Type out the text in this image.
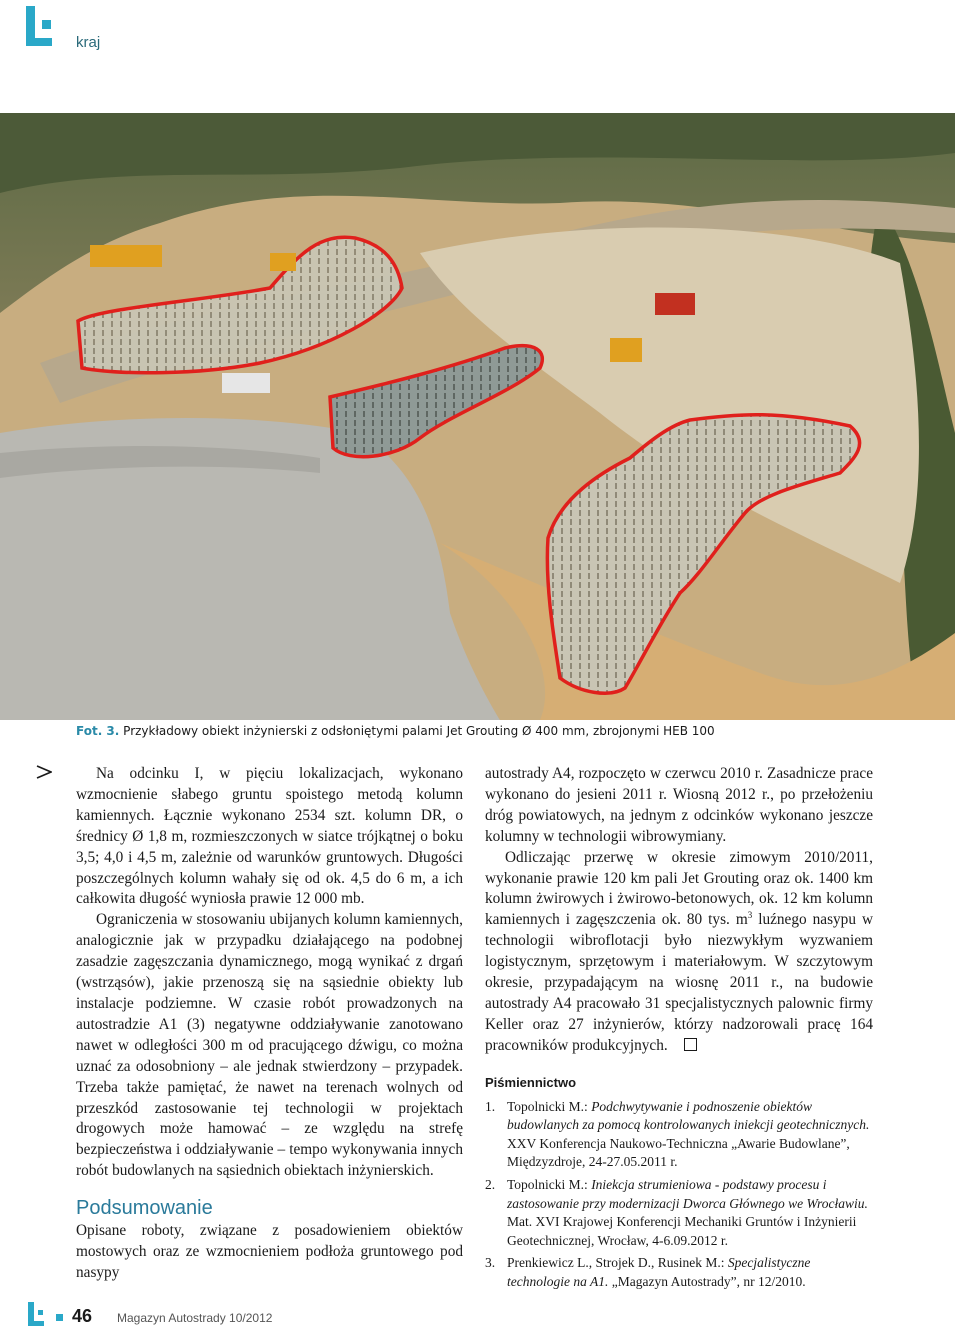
kraj
Fot. 3. Przykładowy obiekt inżynierski z odsłoniętymi palami Jet Grouting Ø 400 mm, zbrojonymi HEB 100

Na odcinku I, w pięciu lokalizacjach, wykonano wzmocnienie słabego gruntu spoistego metodą kolumn kamiennych. Łącznie wykonano 2534 szt. kolumn DR, o średnicy Ø 1,8 m, rozmieszczonych w siatce trójkątnej o boku 3,5; 4,0 i 4,5 m, zależnie od warunków gruntowych. Długości poszczególnych kolumn wahały się od ok. 4,5 do 6 m, a ich całkowita długość wyniosła prawie 12 000 mb.

Ograniczenia w stosowaniu ubijanych kolumn kamiennych, analogicznie jak w przypadku działającego na podobnej zasadzie zagęszczania dynamicznego, mogą wynikać z drgań (wstrząsów), jakie przenoszą się na sąsiednie obiekty lub instalacje podziemne. W czasie robót prowadzonych na autostradzie A1 (3) negatywne oddziaływanie zanotowano nawet w odległości 300 m od pracującego dźwigu, co można uznać za odosobniony – ale jednak stwierdzony – przypadek. Trzeba także pamiętać, że nawet na terenach wolnych od przeszkód zastosowanie tej technologii w projektach drogowych może hamować – ze względu na strefę bezpieczeństwa i oddziaływanie – tempo wykonywania innych robót budowlanych na sąsiednich obiektach inżynierskich.

Podsumowanie

Opisane roboty, związane z posadowieniem obiektów mostowych oraz ze wzmocnieniem podłoża gruntowego pod nasypy

autostrady A4, rozpoczęto w czerwcu 2010 r. Zasadnicze prace wykonano do jesieni 2011 r. Wiosną 2012 r., po przełożeniu dróg powiatowych, na jednym z odcinków wykonano jeszcze kolumny w technologii wibrowymiany.

Odliczając przerwę w okresie zimowym 2010/2011, wykonanie prawie 120 km pali Jet Grouting oraz ok. 1400 km kolumn żwirowych i żwirowo-betonowych, ok. 12 km kolumn kamiennych i zagęszczenia ok. 80 tys. $m^3$ luźnego nasypu w technologii wibroflotacji było niezwykłym wyzwaniem logistycznym, sprzętowym i materiałowym. W szczytowym okresie, przypadającym na wiosnę 2011 r., na budowie autostrady A4 pracowało 31 specjalistycznych palownic firmy Keller oraz 27 inżynierów, którzy nadzorowali pracę 164 pracowników produkcyjnych.

Piśmiennictwo
1. Topolnicki M.: Podchwytywanie i podnoszenie obiektów budowlanych za pomocą kontrolowanych iniekcji geotechnicznych. XXV Konferencja Naukowo-Techniczna „Awarie Budowlane”, Międzyzdroje, 24-27.05.2011 r.
2. Topolnicki M.: Iniekcja strumieniowa - podstawy procesu i zastosowanie przy modernizacji Dworca Głównego we Wrocławiu. Mat. XVI Krajowej Konferencji Mechaniki Gruntów i Inżynierii Geotechnicznej, Wrocław, 4-6.09.2012 r.
3. Prenkiewicz L., Strojek D., Rusinek M.: Specjalistyczne technologie na A1. „Magazyn Autostrady”, nr 12/2010.
46 Magazyn Autostrady 10/2012
